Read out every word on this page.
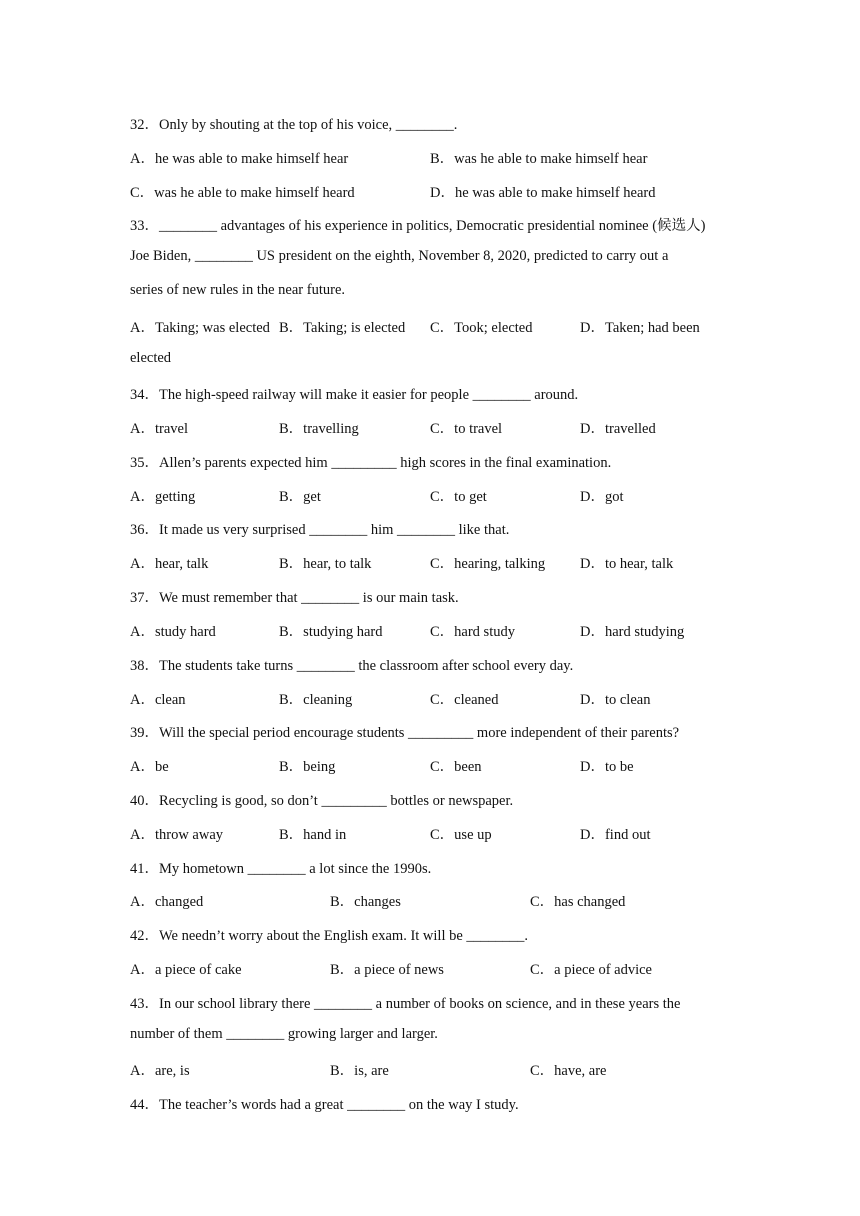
32．Only by shouting at the top of his voice, ________.
A．he was able to make himself hear	B．was he able to make himself hear
C．was he able to make himself heard	D．he was able to make himself heard
33．________ advantages of his experience in politics, Democratic presidential nominee (候选人)
Joe Biden, ________ US president on the eighth, November 8, 2020, predicted to carry out a
series of new rules in the near future.
A．Taking; was elected B．Taking; is elected C．Took; elected	D．Taken; had been
elected
34．The high-speed railway will make it easier for people ________ around.
A．travel	B．travelling	C．to travel	D．travelled
35．Allen’s parents expected him _________ high scores in the final examination.
A．getting	B．get	C．to get	D．got
36．It made us very surprised ________ him ________ like that.
A．hear, talk	B．hear, to talk	C．hearing, talking D．to hear, talk
37．We must remember that ________ is our main task.
A．study hard	B．studying hard	C．hard study	D．hard studying
38．The students take turns ________ the classroom after school every day.
A．clean	B．cleaning	C．cleaned	D．to clean
39．Will the special period encourage students _________ more independent of their parents?
A．be	B．being	C．been	D．to be
40．Recycling is good, so don’t _________ bottles or newspaper.
A．throw away	B．hand in	C．use up	D．find out
41．My hometown ________ a lot since the 1990s.
A．changed	B．changes	C．has changed
42．We needn’t worry about the English exam. It will be ________.
A．a piece of cake	B．a piece of news	C．a piece of advice
43．In our school library there ________ a number of books on science, and in these years the
number of them ________ growing larger and larger.
A．are, is	B．is, are	C．have, are
44．The teacher’s words had a great ________ on the way I study.
